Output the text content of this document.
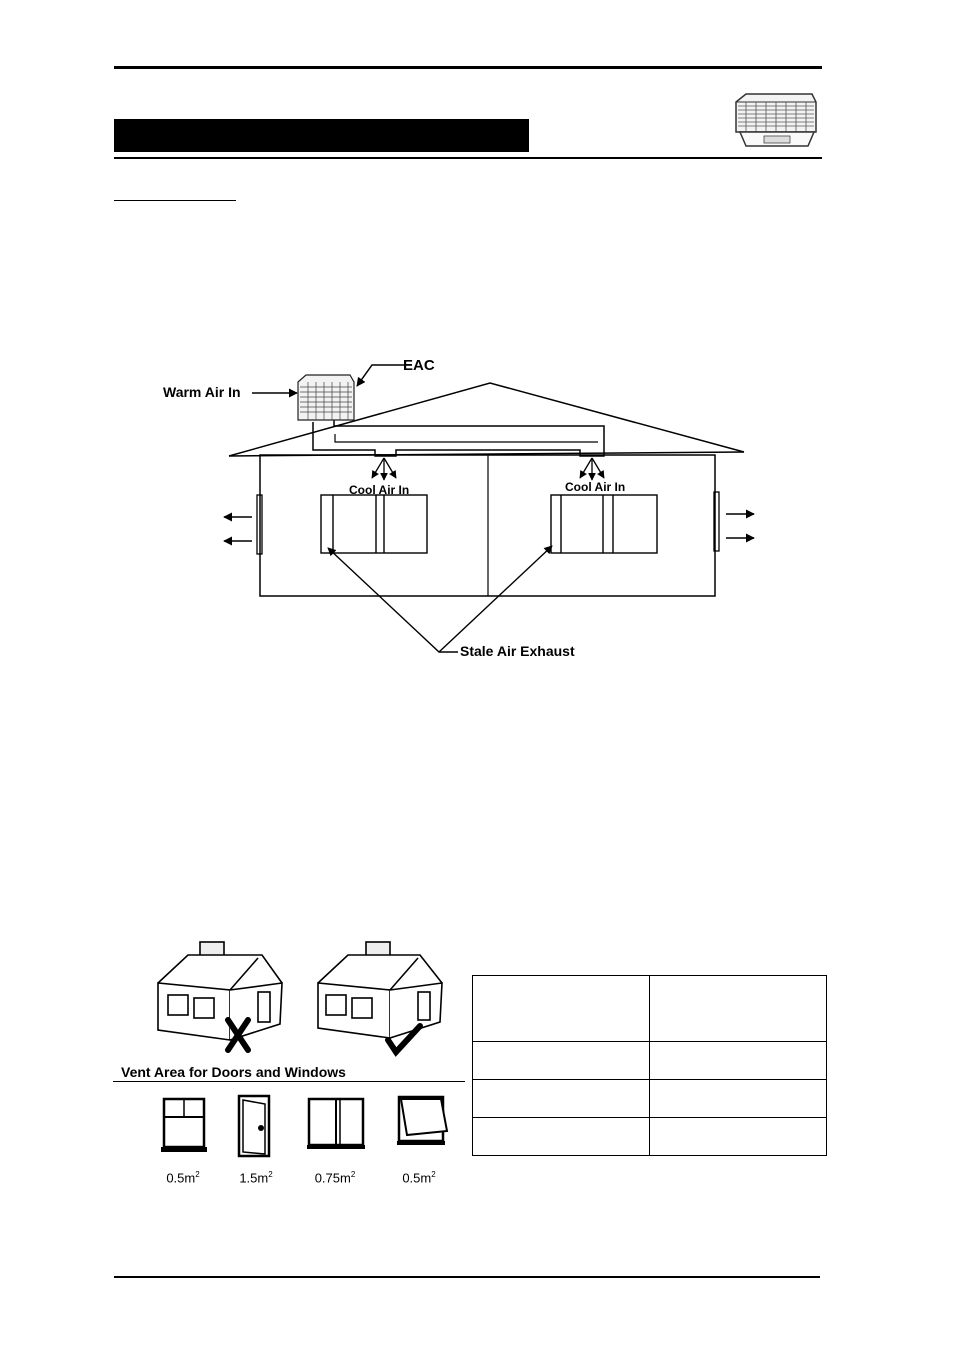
EAC
Warm Air In
Cool Air In	Cool Air In
Stale Air Exhaust
Vent Area for Doors and Windows
$0.5m^2$	$1.5m^2$	$0.75m^2$	$0.5m^2$
